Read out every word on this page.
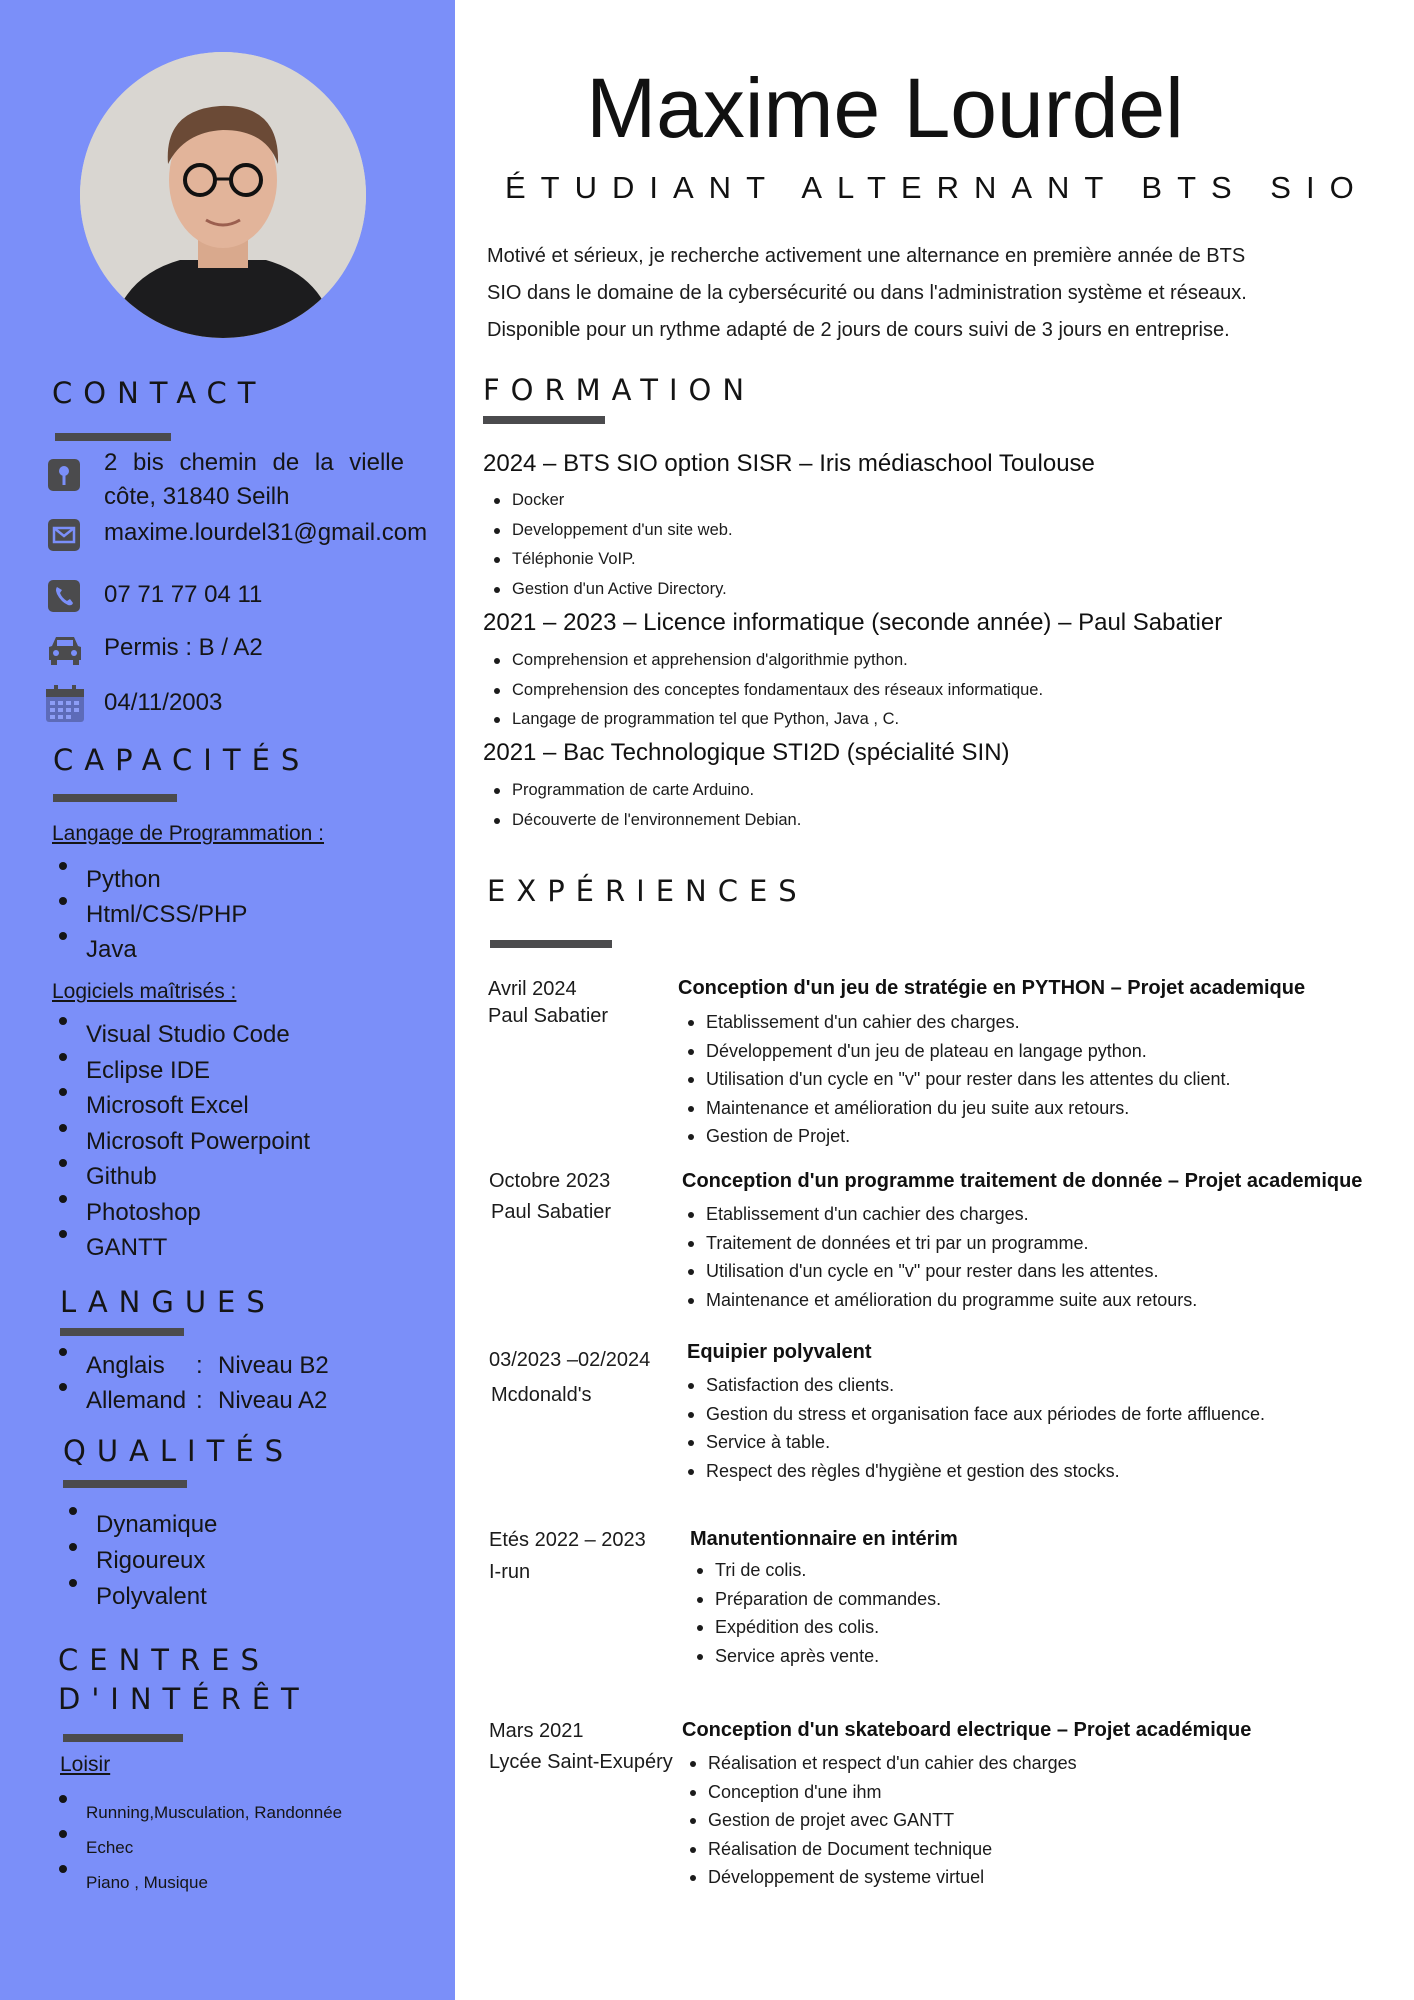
CONTACT
2 bis chemin de la vielle
côte, 31840 Seilh
maxime.lourdel31@gmail.com
07 71 77 04 11
Permis : B / A2
04/11/2003
CAPACITÉS
Langage de Programmation :
Python
Html/CSS/PHP
Java
Logiciels maîtrisés :
Visual Studio Code
Eclipse IDE
Microsoft Excel
Microsoft Powerpoint
Github
Photoshop
GANTT
LANGUES
Anglais : Niveau B2
Allemand : Niveau A2
QUALITÉS
Dynamique
Rigoureux
Polyvalent
CENTRES
D'INTÉRÊT
Loisir
Running,Musculation, Randonnée
Echec
Piano , Musique
Maxime Lourdel
ÉTUDIANT ALTERNANT BTS SIO
Motivé et sérieux, je recherche activement une alternance en première année de BTS
SIO dans le domaine de la cybersécurité ou dans l'administration système et réseaux.
Disponible pour un rythme adapté de 2 jours de cours suivi de 3 jours en entreprise.
FORMATION
2024 – BTS SIO option SISR – Iris médiaschool Toulouse
Docker
Developpement d'un site web.
Téléphonie VoIP.
Gestion d'un Active Directory.
2021 – 2023 – Licence informatique (seconde année) – Paul Sabatier
Comprehension et apprehension d'algorithmie python.
Comprehension des conceptes fondamentaux des réseaux informatique.
Langage de programmation tel que Python, Java , C.
2021 – Bac Technologique STI2D (spécialité SIN)
Programmation de carte Arduino.
Découverte de l'environnement Debian.
EXPÉRIENCES
Avril 2024
Paul Sabatier
Conception d'un jeu de stratégie en PYTHON – Projet academique
Etablissement d'un cahier des charges.
Développement d'un jeu de plateau en langage python.
Utilisation d'un cycle en "v" pour rester dans les attentes du client.
Maintenance et amélioration du jeu suite aux retours.
Gestion de Projet.
Octobre 2023
Paul Sabatier
Conception d'un programme traitement de donnée – Projet academique
Etablissement d'un cachier des charges.
Traitement de données et tri par un programme.
Utilisation d'un cycle en "v" pour rester dans les attentes.
Maintenance et amélioration du programme suite aux retours.
03/2023 –02/2024
Mcdonald's
Equipier polyvalent
Satisfaction des clients.
Gestion du stress et organisation face aux périodes de forte affluence.
Service à table.
Respect des règles d'hygiène et gestion des stocks.
Etés 2022 – 2023
I-run
Manutentionnaire en intérim
Tri de colis.
Préparation de commandes.
Expédition des colis.
Service après vente.
Mars 2021
Lycée Saint-Exupéry
Conception d'un skateboard electrique – Projet académique
Réalisation et respect d'un cahier des charges
Conception d'une ihm
Gestion de projet avec GANTT
Réalisation de Document technique
Développement de systeme virtuel
